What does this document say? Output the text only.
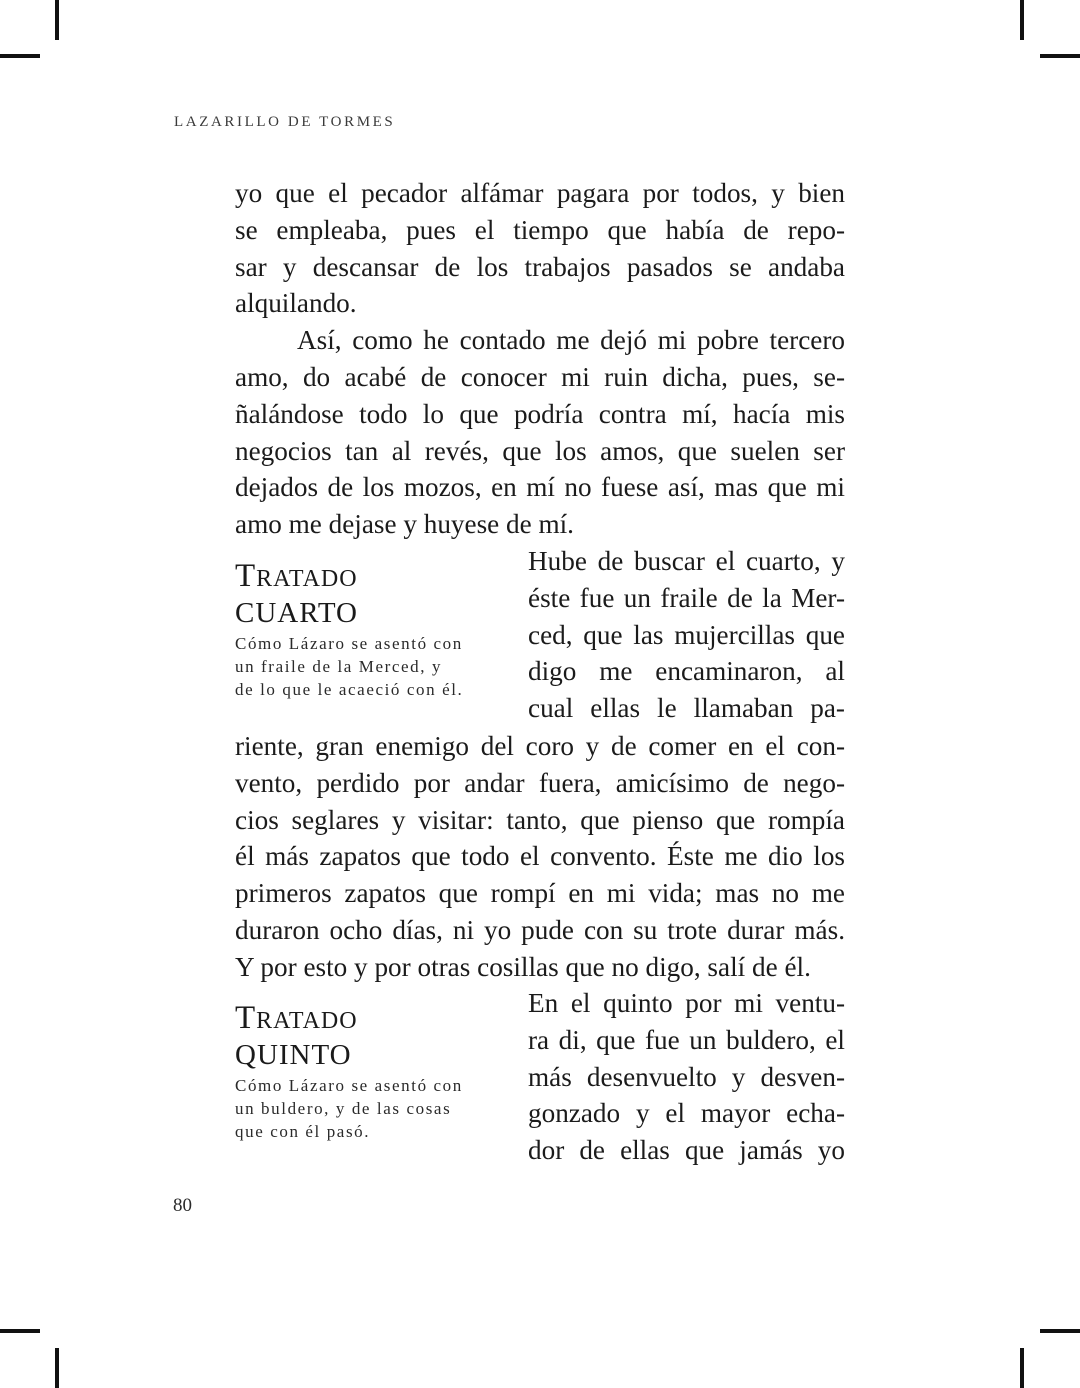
LAZARILLO DE TORMES
yo que el pecador alfámar pagara por todos, y bien
se empleaba, pues el tiempo que había de repo-
sar y descansar de los trabajos pasados se andaba
alquilando.
Así, como he contado me dejó mi pobre tercero
amo, do acabé de conocer mi ruin dicha, pues, se-
ñalándose todo lo que podría contra mí, hacía mis
negocios tan al revés, que los amos, que suelen ser
dejados de los mozos, en mí no fuese así, mas que mi
amo me dejase y huyese de mí.
TRATADO
CUARTO
Cómo Lázaro se asentó con
un fraile de la Merced, y
de lo que le acaeció con él.
Hube de buscar el cuarto, y
éste fue un fraile de la Mer-
ced, que las mujercillas que
digo me encaminaron, al
cual ellas le llamaban pa-
riente, gran enemigo del coro y de comer en el con-
vento, perdido por andar fuera, amicísimo de nego-
cios seglares y visitar: tanto, que pienso que rompía
él más zapatos que todo el convento. Éste me dio los
primeros zapatos que rompí en mi vida; mas no me
duraron ocho días, ni yo pude con su trote durar más.
Y por esto y por otras cosillas que no digo, salí de él.
TRATADO
QUINTO
Cómo Lázaro se asentó con
un buldero, y de las cosas
que con él pasó.
En el quinto por mi ventu-
ra di, que fue un buldero, el
más desenvuelto y desven-
gonzado y el mayor echa-
dor de ellas que jamás yo
80
